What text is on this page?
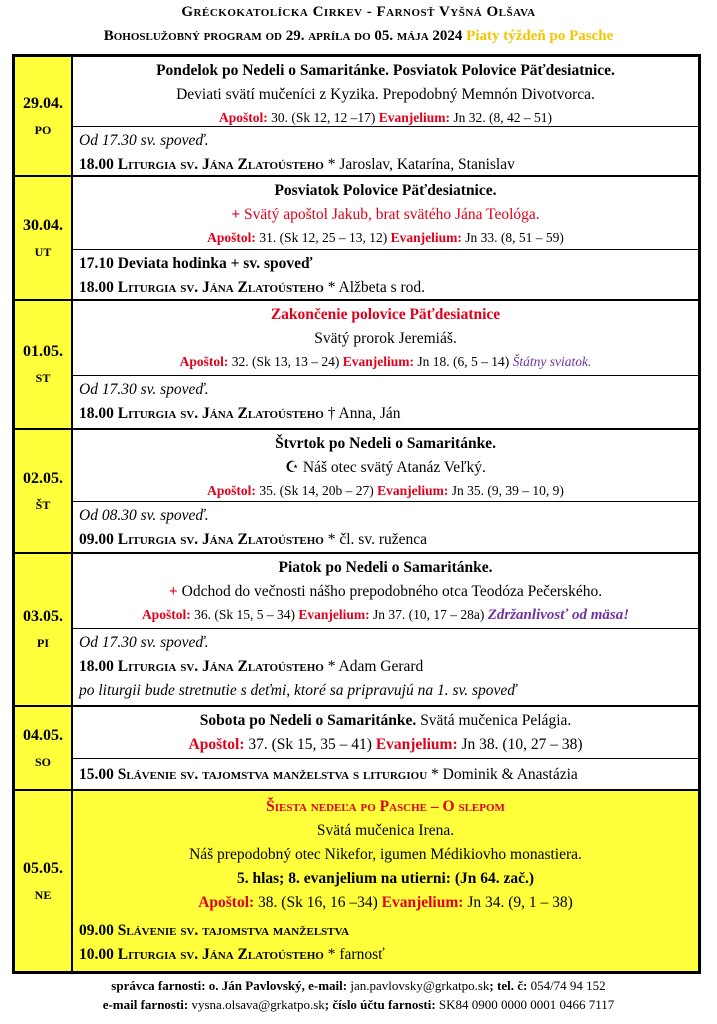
Gréckokatolícka Cirkev - Farnosť Vyšná Olšava
Bohoslužobný program od 29. apríla do 05. mája 2024 Piaty týždeň po Pasche
29.04.
PO
Pondelok po Nedeli o Samaritánke. Posviatok Polovice Päťdesiatnice.
Deviati svätí mučeníci z Kyzika. Prepodobný Memnón Divotvorca.
Apoštol: 30. (Sk 12, 12 –17) Evanjelium: Jn 32. (8, 42 – 51)
Od 17.30 sv. spoveď.
18.00 Liturgia sv. Jána Zlatoústeho * Jaroslav, Katarína, Stanislav
30.04.
UT
Posviatok Polovice Päťdesiatnice.
+ Svätý apoštol Jakub, brat svätého Jána Teológa.
Apoštol: 31. (Sk 12, 25 – 13, 12) Evanjelium: Jn 33. (8, 51 – 59)
17.10 Deviata hodinka + sv. spoveď
18.00 Liturgia sv. Jána Zlatoústeho * Alžbeta s rod.
01.05.
ST
Zakončenie polovice Päťdesiatnice
Svätý prorok Jeremiáš.
Apoštol: 32. (Sk 13, 13 – 24) Evanjelium: Jn 18. (6, 5 – 14) Štátny sviatok.
Od 17.30 sv. spoveď.
18.00 Liturgia sv. Jána Zlatoústeho † Anna, Ján
02.05.
ŠT
Štvrtok po Nedeli o Samaritánke.
☪ Náš otec svätý Atanáz Veľký.
Apoštol: 35. (Sk 14, 20b – 27) Evanjelium: Jn 35. (9, 39 – 10, 9)
Od 08.30 sv. spoveď.
09.00 Liturgia sv. Jána Zlatoústeho * čl. sv. ruženca
03.05.
PI
Piatok po Nedeli o Samaritánke.
+ Odchod do večnosti nášho prepodobného otca Teodóza Pečerského.
Apoštol: 36. (Sk 15, 5 – 34) Evanjelium: Jn 37. (10, 17 – 28a) Zdržanlivosť od mäsa!
Od 17.30 sv. spoveď.
18.00 Liturgia sv. Jána Zlatoústeho * Adam Gerard
po liturgii bude stretnutie s deťmi, ktoré sa pripravujú na 1. sv. spoveď
04.05.
SO
Sobota po Nedeli o Samaritánke. Svätá mučenica Pelágia.
Apoštol: 37. (Sk 15, 35 – 41) Evanjelium: Jn 38. (10, 27 – 38)
15.00 Slávenie sv. tajomstva manželstva s liturgiou * Dominik & Anastázia
05.05.
NE
Šiesta nedeľa po Pasche – O slepom
Svätá mučenica Irena.
Náš prepodobný otec Nikefor, igumen Médikiovho monastiera.
5. hlas; 8. evanjelium na utierni: (Jn 64. zač.)
Apoštol: 38. (Sk 16, 16 –34) Evanjelium: Jn 34. (9, 1 – 38)
09.00 Slávenie sv. tajomstva manželstva
10.00 Liturgia sv. Jána Zlatoústeho * farnosť
správca farnosti: o. Ján Pavlovský, e-mail: jan.pavlovsky@grkatpo.sk; tel. č: 054/74 94 152
e-mail farnosti: vysna.olsava@grkatpo.sk; číslo účtu farnosti: SK84 0900 0000 0001 0466 7117
